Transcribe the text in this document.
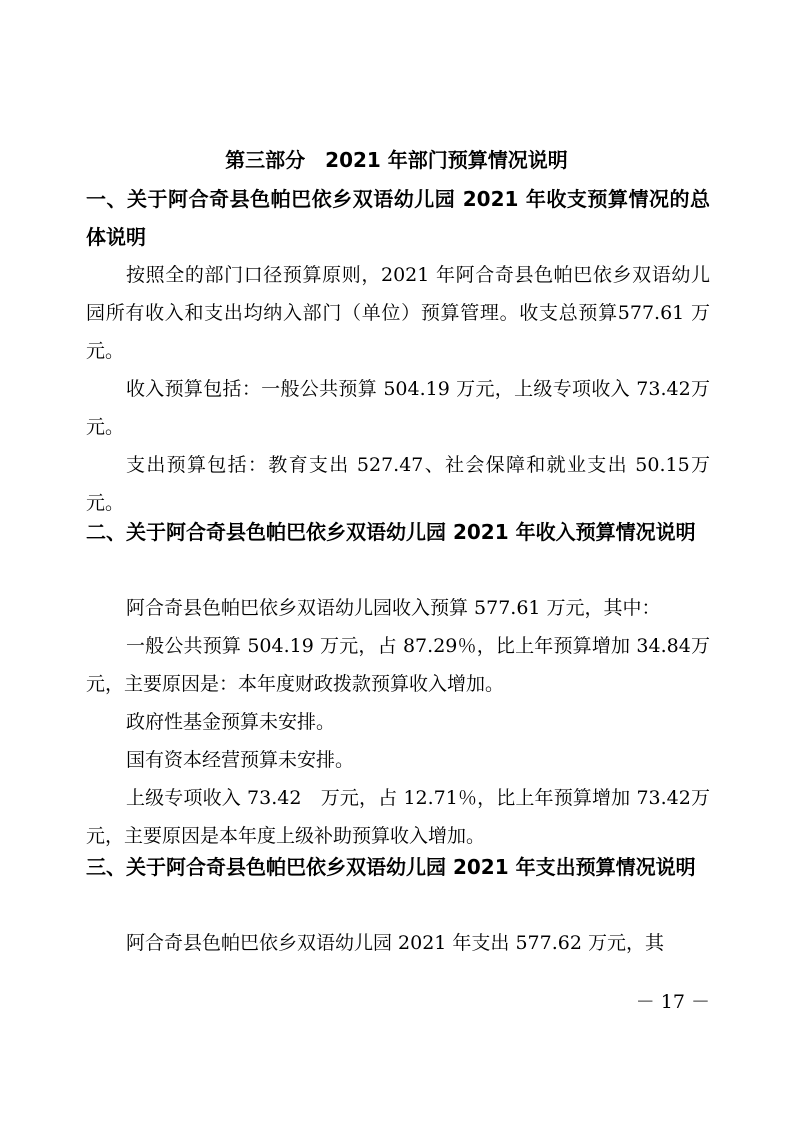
第三部分　2021 年部门预算情况说明
一、关于阿合奇县色帕巴依乡双语幼儿园 2021 年收支预算情况的总体说明
按照全的部门口径预算原则，2021 年阿合奇县色帕巴依乡双语幼儿园所有收入和支出均纳入部门（单位）预算管理。收支总预算577.61 万元。
收入预算包括：一般公共预算 504.19 万元，上级专项收入 73.42万元。
支出预算包括：教育支出 527.47、社会保障和就业支出 50.15万元。
二、关于阿合奇县色帕巴依乡双语幼儿园 2021 年收入预算情况说明
阿合奇县色帕巴依乡双语幼儿园收入预算 577.61 万元，其中：
一般公共预算 504.19 万元，占 87.29％，比上年预算增加 34.84万元，主要原因是：本年度财政拨款预算收入增加。
政府性基金预算未安排。
国有资本经营预算未安排。
上级专项收入 73.42　万元，占 12.71％，比上年预算增加 73.42万元，主要原因是本年度上级补助预算收入增加。
三、关于阿合奇县色帕巴依乡双语幼儿园 2021 年支出预算情况说明
阿合奇县色帕巴依乡双语幼儿园 2021 年支出 577.62 万元，其
－ 17 －
